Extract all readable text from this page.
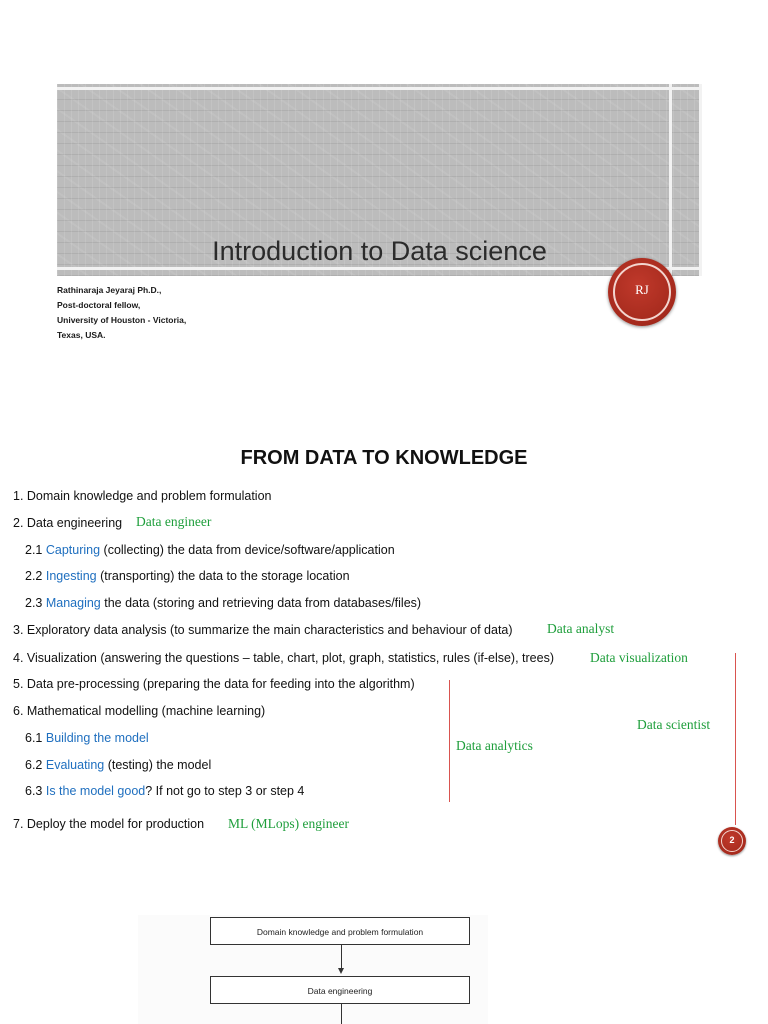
Introduction to Data science
Rathinaraja Jeyaraj Ph.D.,
Post-doctoral fellow,
University of Houston - Victoria,
Texas, USA.
RJ
FROM DATA TO KNOWLEDGE
1. Domain knowledge and problem formulation
2. Data engineering
2.1 Capturing (collecting) the data from device/software/application
2.2 Ingesting (transporting) the data to the storage location
2.3 Managing the data (storing and retrieving data from databases/files)
3. Exploratory data analysis (to summarize the main characteristics and behaviour of data)
4. Visualization (answering the questions – table, chart, plot, graph, statistics, rules (if-else), trees)
5. Data pre-processing (preparing the data for feeding into the algorithm)
6. Mathematical modelling (machine learning)
6.1 Building the model
6.2 Evaluating (testing) the model
6.3 Is the model good? If not go to step 3 or step 4
7. Deploy the model for production
Data engineer
Data analyst
Data visualization
Data scientist
Data analytics
ML (MLops) engineer
2
Domain knowledge and problem formulation
Data engineering
